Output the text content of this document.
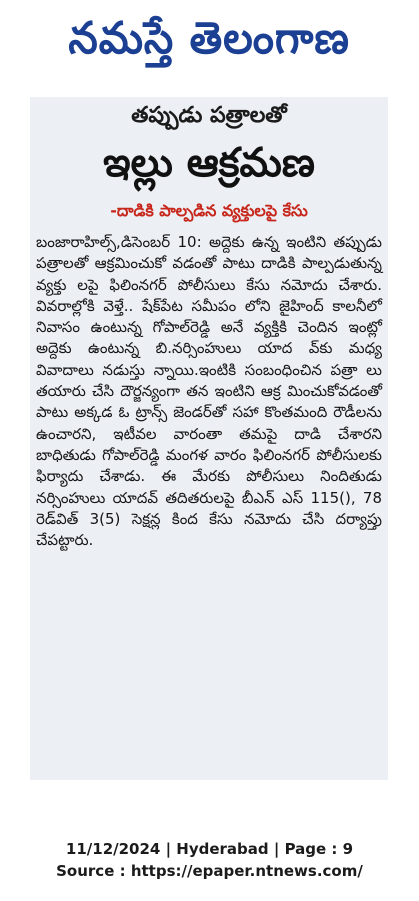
నమస్తే తెలంగాణ
తప్పుడు పత్రాలతో
ఇల్లు ఆక్రమణ
-దాడికి పాల్పడిన వ్యక్తులపై కేసు

బంజారాహిల్స్,డిసెంబర్ 10: అద్దెకు ఉన్న ఇంటిని తప్పుడు పత్రాలతో ఆక్రమించుకో వడంతో పాటు దాడికి పాల్పడుతున్న వ్యక్తు లపై ఫిలింనగర్ పోలీసులు కేసు నమోదు చేశారు. వివరాల్లోకి వెళ్తే.. షేక్‌పేట సమీపం లోని జైహింద్ కాలనీలో నివాసం ఉంటున్న గోపాల్‌రెడ్డి అనే వ్యక్తికి చెందిన ఇంట్లో అద్దెకు ఉంటున్న బి.నర్సింహులు యాద వ్‌కు మధ్య వివాదాలు నడుస్తు న్నాయి.ఇంటికి సంబంధించిన పత్రా లు తయారు చేసి దౌర్జన్యంగా తన ఇంటిని ఆక్ర మించుకోవడంతో పాటు అక్కడ ఓ ట్రాన్స్ జెండర్‌తో సహా కొంతమంది రౌడీలను ఉంచారని, ఇటీవల వారంతా తమపై దాడి చేశారని బాధితుడు గోపాల్‌రెడ్డి మంగళ వారం ఫిలింనగర్ పోలీసులకు ఫిర్యాదు చేశాడు. ఈ మేరకు పోలీసులు నిందితుడు నర్సింహులు యాదవ్ తదితరులపై బీఎన్ ఎస్ 115(), 78 రెడ్‌విత్ 3(5) సెక్షన్ల కింద కేసు నమోదు చేసి దర్యాప్తు చేపట్టారు.

11/12/2024 | Hyderabad | Page : 9
Source : https://epaper.ntnews.com/
